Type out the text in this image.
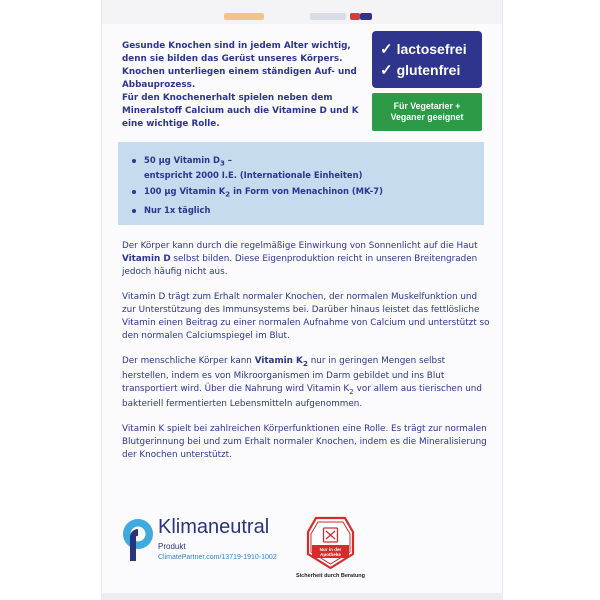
Gesunde Knochen sind in jedem Alter wichtig, denn sie bilden das Gerüst unseres Körpers. Knochen unterliegen einem ständigen Auf- und Abbauprozess.

Für den Knochenerhalt spielen neben dem Mineralstoff Calcium auch die Vitamine D und K eine wichtige Rolle.

✓ lactosefrei
✓ glutenfrei
Für Vegetarier +
Veganer geeignet
50 µg Vitamin $D_3$ –
entspricht 2000 I.E. (Internationale Einheiten)
100 µg Vitamin $K_2$ in Form von Menachinon (MK-7)
Nur 1x täglich

Der Körper kann durch die regelmäßige Einwirkung von Sonnenlicht auf die Haut Vitamin D selbst bilden. Diese Eigenproduktion reicht in unseren Breitengraden jedoch häufig nicht aus.

Vitamin D trägt zum Erhalt normaler Knochen, der normalen Muskelfunktion und zur Unterstützung des Immunsystems bei. Darüber hinaus leistet das fettlösliche Vitamin einen Beitrag zu einer normalen Aufnahme von Calcium und unterstützt so den normalen Calciumspiegel im Blut.

Der menschliche Körper kann Vitamin $K_2$ nur in geringen Mengen selbst herstellen, indem es von Mikroorganismen im Darm gebildet und ins Blut transportiert wird. Über die Nahrung wird Vitamin $K_2$ vor allem aus tierischen und bakteriell fermentierten Lebensmitteln aufgenommen.

Vitamin K spielt bei zahlreichen Körperfunktionen eine Rolle. Es trägt zur normalen Blutgerinnung bei und zum Erhalt normaler Knochen, indem es die Mineralisierung der Knochen unterstützt.

Klimaneutral
Produkt
ClimatePartner.com/13719-1910-1002
Nur in der
Apotheke
Sicherheit durch Beratung
